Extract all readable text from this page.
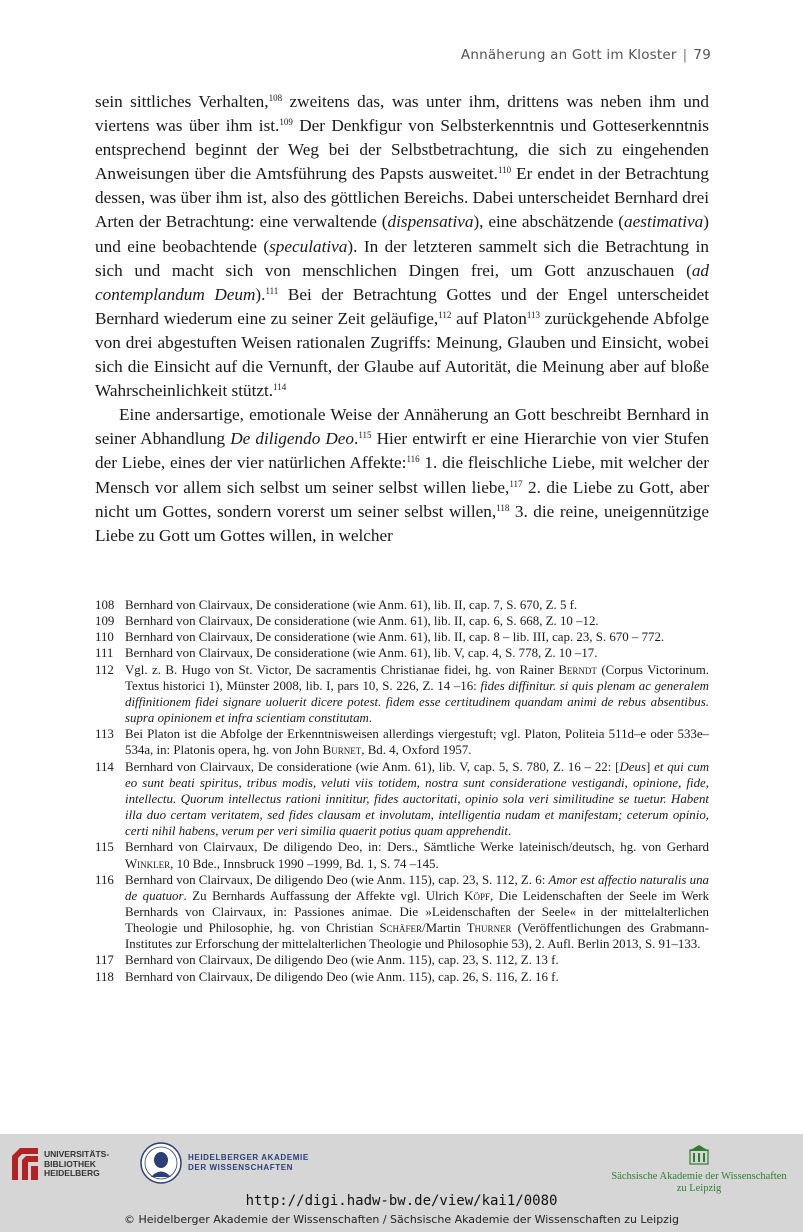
Annäherung an Gott im Kloster | 79

sein sittliches Verhalten,$^{108}$ zweitens das, was unter ihm, drittens was neben ihm und viertens was über ihm ist.$^{109}$ Der Denkfigur von Selbsterkenntnis und Gotteserkenntnis entsprechend beginnt der Weg bei der Selbstbetrachtung, die sich zu eingehenden Anweisungen über die Amtsführung des Papsts ausweitet.$^{110}$ Er endet in der Betrachtung dessen, was über ihm ist, also des göttlichen Bereichs. Dabei unterscheidet Bernhard drei Arten der Betrachtung: eine verwaltende (dispensativa), eine abschätzende (aestimativa) und eine beobachtende (speculativa). In der letzteren sammelt sich die Betrachtung in sich und macht sich von menschlichen Dingen frei, um Gott anzuschauen (ad contemplandum Deum).$^{111}$ Bei der Betrachtung Gottes und der Engel unterscheidet Bernhard wiederum eine zu seiner Zeit geläufige,$^{112}$ auf Platon$^{113}$ zurückgehende Abfolge von drei abgestuften Weisen rationalen Zugriffs: Meinung, Glauben und Einsicht, wobei sich die Einsicht auf die Vernunft, der Glaube auf Autorität, die Meinung aber auf bloße Wahrscheinlichkeit stützt.$^{114}$

Eine andersartige, emotionale Weise der Annäherung an Gott beschreibt Bernhard in seiner Abhandlung De diligendo Deo.$^{115}$ Hier entwirft er eine Hierarchie von vier Stufen der Liebe, eines der vier natürlichen Affekte:$^{116}$ 1. die fleischliche Liebe, mit welcher der Mensch vor allem sich selbst um seiner selbst willen liebe,$^{117}$ 2. die Liebe zu Gott, aber nicht um Gottes, sondern vorerst um seiner selbst willen,$^{118}$ 3. die reine, uneigennützige Liebe zu Gott um Gottes willen, in welcher

108 Bernhard von Clairvaux, De consideratione (wie Anm. 61), lib. II, cap. 7, S. 670, Z. 5 f.
109 Bernhard von Clairvaux, De consideratione (wie Anm. 61), lib. II, cap. 6, S. 668, Z. 10 –12.
110 Bernhard von Clairvaux, De consideratione (wie Anm. 61), lib. II, cap. 8 – lib. III, cap. 23, S. 670 – 772.
111 Bernhard von Clairvaux, De consideratione (wie Anm. 61), lib. V, cap. 4, S. 778, Z. 10 –17.
112 Vgl. z. B. Hugo von St. Victor, De sacramentis Christianae fidei, hg. von Rainer Berndt (Corpus Victorinum. Textus historici 1), Münster 2008, lib. I, pars 10, S. 226, Z. 14 –16: fides diffinitur. si quis plenam ac generalem diffinitionem fidei signare uoluerit dicere potest. fidem esse certitudinem quandam animi de rebus absentibus. supra opinionem et infra scientiam constitutam.
113 Bei Platon ist die Abfolge der Erkenntnisweisen allerdings viergestuft; vgl. Platon, Politeia 511d–e oder 533e–534a, in: Platonis opera, hg. von John Burnet, Bd. 4, Oxford 1957.
114 Bernhard von Clairvaux, De consideratione (wie Anm. 61), lib. V, cap. 5, S. 780, Z. 16 – 22: [Deus] et qui cum eo sunt beati spiritus, tribus modis, veluti viis totidem, nostra sunt consideratione vestigandi, opinione, fide, intellectu. Quorum intellectus rationi innititur, fides auctoritati, opinio sola veri similitudine se tuetur. Habent illa duo certam veritatem, sed fides clausam et involutam, intelligentia nudam et manifestam; ceterum opinio, certi nihil habens, verum per veri similia quaerit potius quam apprehendit.
115 Bernhard von Clairvaux, De diligendo Deo, in: Ders., Sämtliche Werke lateinisch/deutsch, hg. von Gerhard Winkler, 10 Bde., Innsbruck 1990 –1999, Bd. 1, S. 74 –145.
116 Bernhard von Clairvaux, De diligendo Deo (wie Anm. 115), cap. 23, S. 112, Z. 6: Amor est affectio naturalis una de quatuor. Zu Bernhards Auffassung der Affekte vgl. Ulrich Köpf, Die Leidenschaften der Seele im Werk Bernhards von Clairvaux, in: Passiones animae. Die »Leidenschaften der Seele« in der mittelalterlichen Theologie und Philosophie, hg. von Christian Schäfer/Martin Thurner (Veröffentlichungen des Grabmann-Institutes zur Erforschung der mittelalterlichen Theologie und Philosophie 53), 2. Aufl. Berlin 2013, S. 91–133.
117 Bernhard von Clairvaux, De diligendo Deo (wie Anm. 115), cap. 23, S. 112, Z. 13 f.
118 Bernhard von Clairvaux, De diligendo Deo (wie Anm. 115), cap. 26, S. 116, Z. 16 f.
UNIVERSITÄTS-
BIBLIOTHEK
HEIDELBERG
HEIDELBERGER AKADEMIE
DER WISSENSCHAFTEN
Sächsische Akademie der Wissenschaften
zu Leipzig
http://digi.hadw-bw.de/view/kai1/0080
© Heidelberger Akademie der Wissenschaften / Sächsische Akademie der Wissenschaften zu Leipzig
